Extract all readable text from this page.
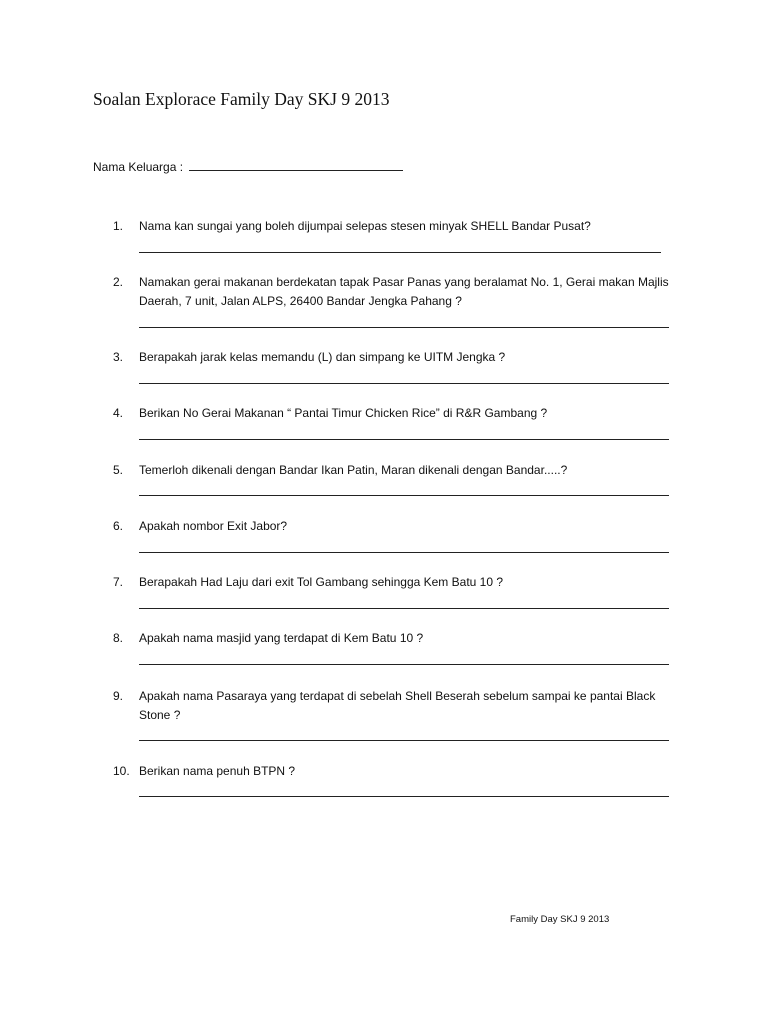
Soalan Explorace Family Day SKJ 9 2013
Nama Keluarga :
1.	Nama kan sungai yang boleh dijumpai selepas stesen minyak SHELL Bandar Pusat?
2.	Namakan gerai makanan berdekatan tapak Pasar Panas yang beralamat No. 1, Gerai makan Majlis Daerah, 7 unit, Jalan ALPS, 26400 Bandar Jengka Pahang ?
3.	Berapakah jarak kelas memandu (L) dan simpang ke UITM Jengka ?
4.	Berikan No Gerai Makanan “ Pantai Timur Chicken Rice” di R&R Gambang ?
5.	Temerloh dikenali dengan Bandar Ikan Patin, Maran dikenali dengan Bandar.....?
6.	Apakah nombor Exit Jabor?
7.	Berapakah Had Laju dari exit Tol Gambang sehingga Kem Batu 10 ?
8.	Apakah nama masjid yang terdapat di Kem Batu 10 ?
9.	Apakah nama Pasaraya yang terdapat di sebelah Shell Beserah sebelum sampai ke pantai Black Stone ?
10. Berikan nama penuh BTPN ?
Family Day SKJ 9 2013
